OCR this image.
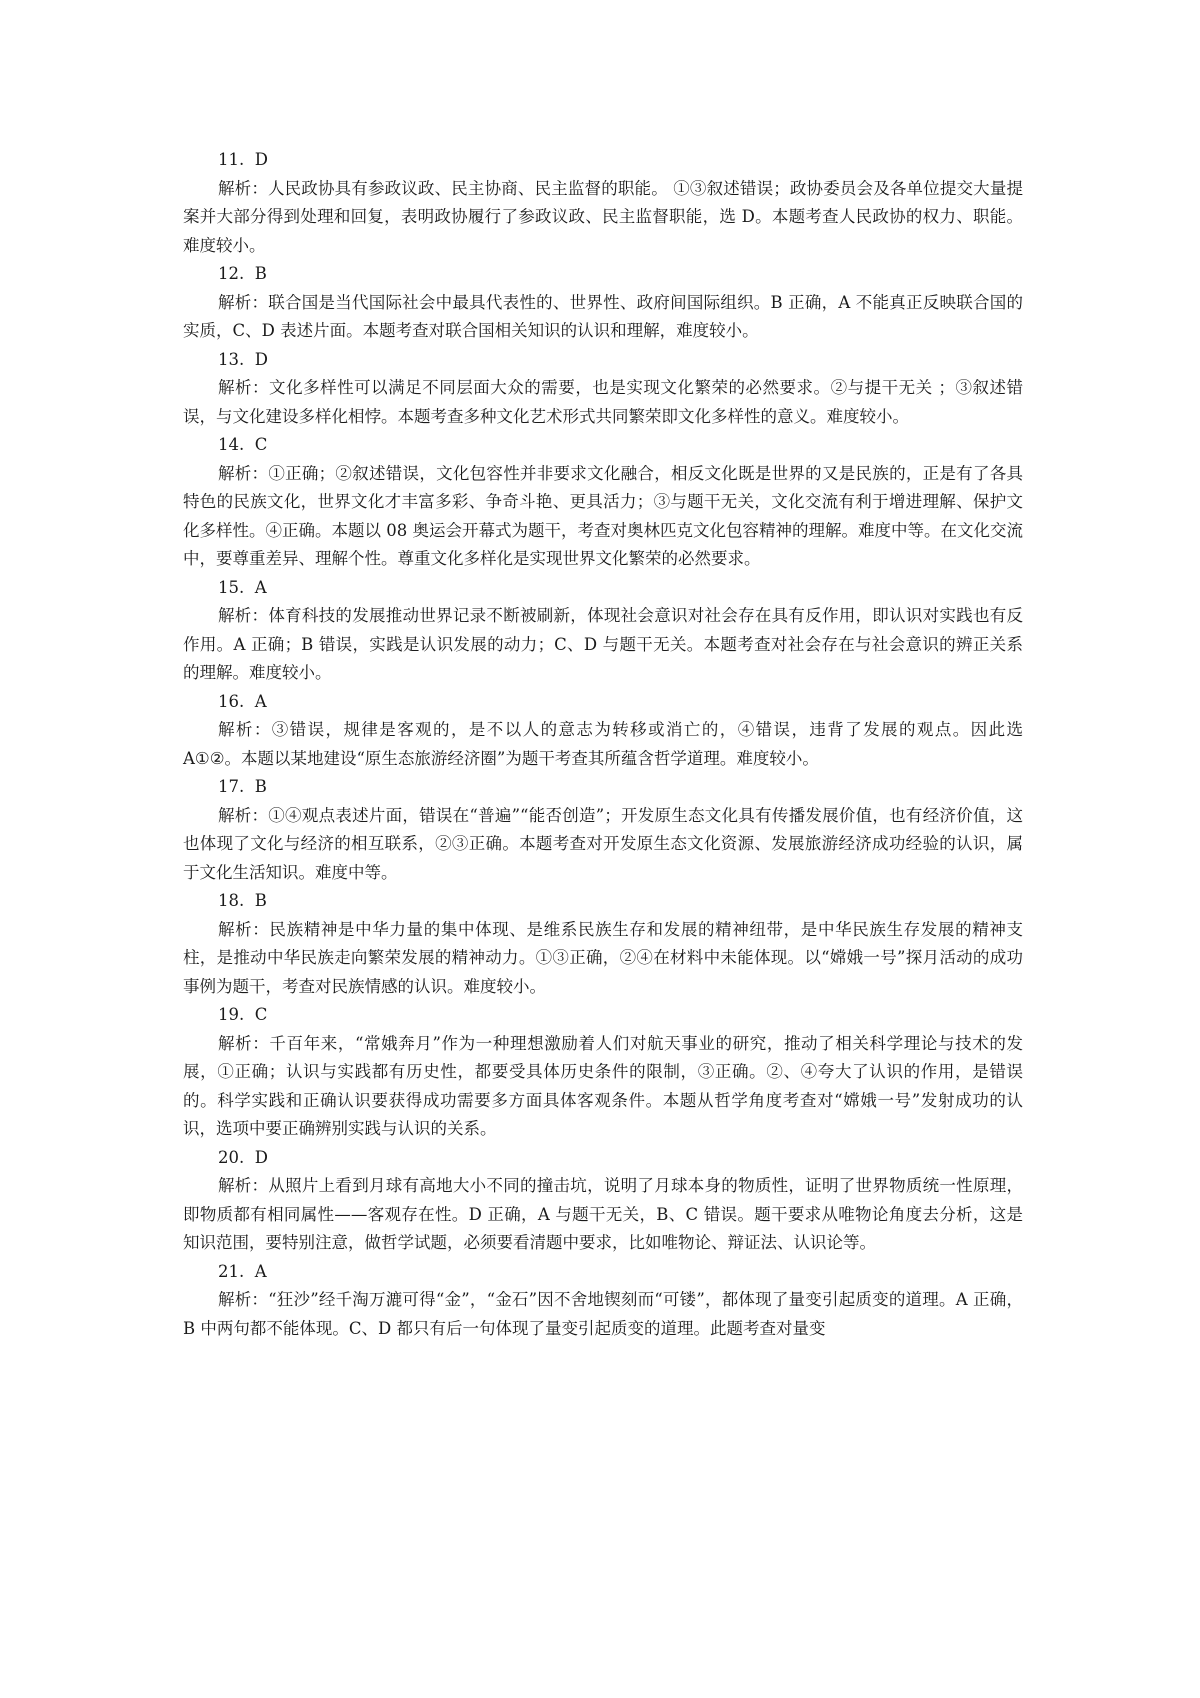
11. D

解析：人民政协具有参政议政、民主协商、民主监督的职能。 ①③叙述错误；政协委员会及各单位提交大量提案并大部分得到处理和回复，表明政协履行了参政议政、民主监督职能，选 D。本题考查人民政协的权力、职能。难度较小。

12. B

解析：联合国是当代国际社会中最具代表性的、世界性、政府间国际组织。B 正确，A 不能真正反映联合国的实质，C、D 表述片面。本题考查对联合国相关知识的认识和理解，难度较小。

13. D

解析：文化多样性可以满足不同层面大众的需要，也是实现文化繁荣的必然要求。②与提干无关 ；③叙述错误，与文化建设多样化相悖。本题考查多种文化艺术形式共同繁荣即文化多样性的意义。难度较小。

14. C

解析：①正确；②叙述错误，文化包容性并非要求文化融合，相反文化既是世界的又是民族的，正是有了各具特色的民族文化，世界文化才丰富多彩、争奇斗艳、更具活力；③与题干无关，文化交流有利于增进理解、保护文化多样性。④正确。本题以 08 奥运会开幕式为题干，考查对奥林匹克文化包容精神的理解。难度中等。在文化交流中，要尊重差异、理解个性。尊重文化多样化是实现世界文化繁荣的必然要求。

15. A

解析：体育科技的发展推动世界记录不断被刷新，体现社会意识对社会存在具有反作用，即认识对实践也有反作用。A 正确；B 错误，实践是认识发展的动力；C、D 与题干无关。本题考查对社会存在与社会意识的辨正关系的理解。难度较小。

16. A

解析：③错误，规律是客观的，是不以人的意志为转移或消亡的，④错误，违背了发展的观点。因此选 A①②。本题以某地建设“原生态旅游经济圈”为题干考查其所蕴含哲学道理。难度较小。

17. B

解析：①④观点表述片面，错误在“普遍”“能否创造”；开发原生态文化具有传播发展价值，也有经济价值，这也体现了文化与经济的相互联系，②③正确。本题考查对开发原生态文化资源、发展旅游经济成功经验的认识，属于文化生活知识。难度中等。

18. B

解析：民族精神是中华力量的集中体现、是维系民族生存和发展的精神纽带，是中华民族生存发展的精神支柱，是推动中华民族走向繁荣发展的精神动力。①③正确，②④在材料中未能体现。以“嫦娥一号”探月活动的成功事例为题干，考查对民族情感的认识。难度较小。

19. C

解析：千百年来，“常娥奔月”作为一种理想激励着人们对航天事业的研究，推动了相关科学理论与技术的发展，①正确；认识与实践都有历史性，都要受具体历史条件的限制，③正确。②、④夸大了认识的作用，是错误的。科学实践和正确认识要获得成功需要多方面具体客观条件。本题从哲学角度考查对“嫦娥一号”发射成功的认识，选项中要正确辨别实践与认识的关系。

20. D

解析：从照片上看到月球有高地大小不同的撞击坑，说明了月球本身的物质性，证明了世界物质统一性原理，即物质都有相同属性——客观存在性。D 正确，A 与题干无关，B、C 错误。题干要求从唯物论角度去分析，这是知识范围，要特别注意，做哲学试题，必须要看清题中要求，比如唯物论、辩证法、认识论等。

21. A

解析：“狂沙”经千淘万漉可得“金”，“金石”因不舍地锲刻而“可镂”，都体现了量变引起质变的道理。A 正确，B 中两句都不能体现。C、D 都只有后一句体现了量变引起质变的道理。此题考查对量变
